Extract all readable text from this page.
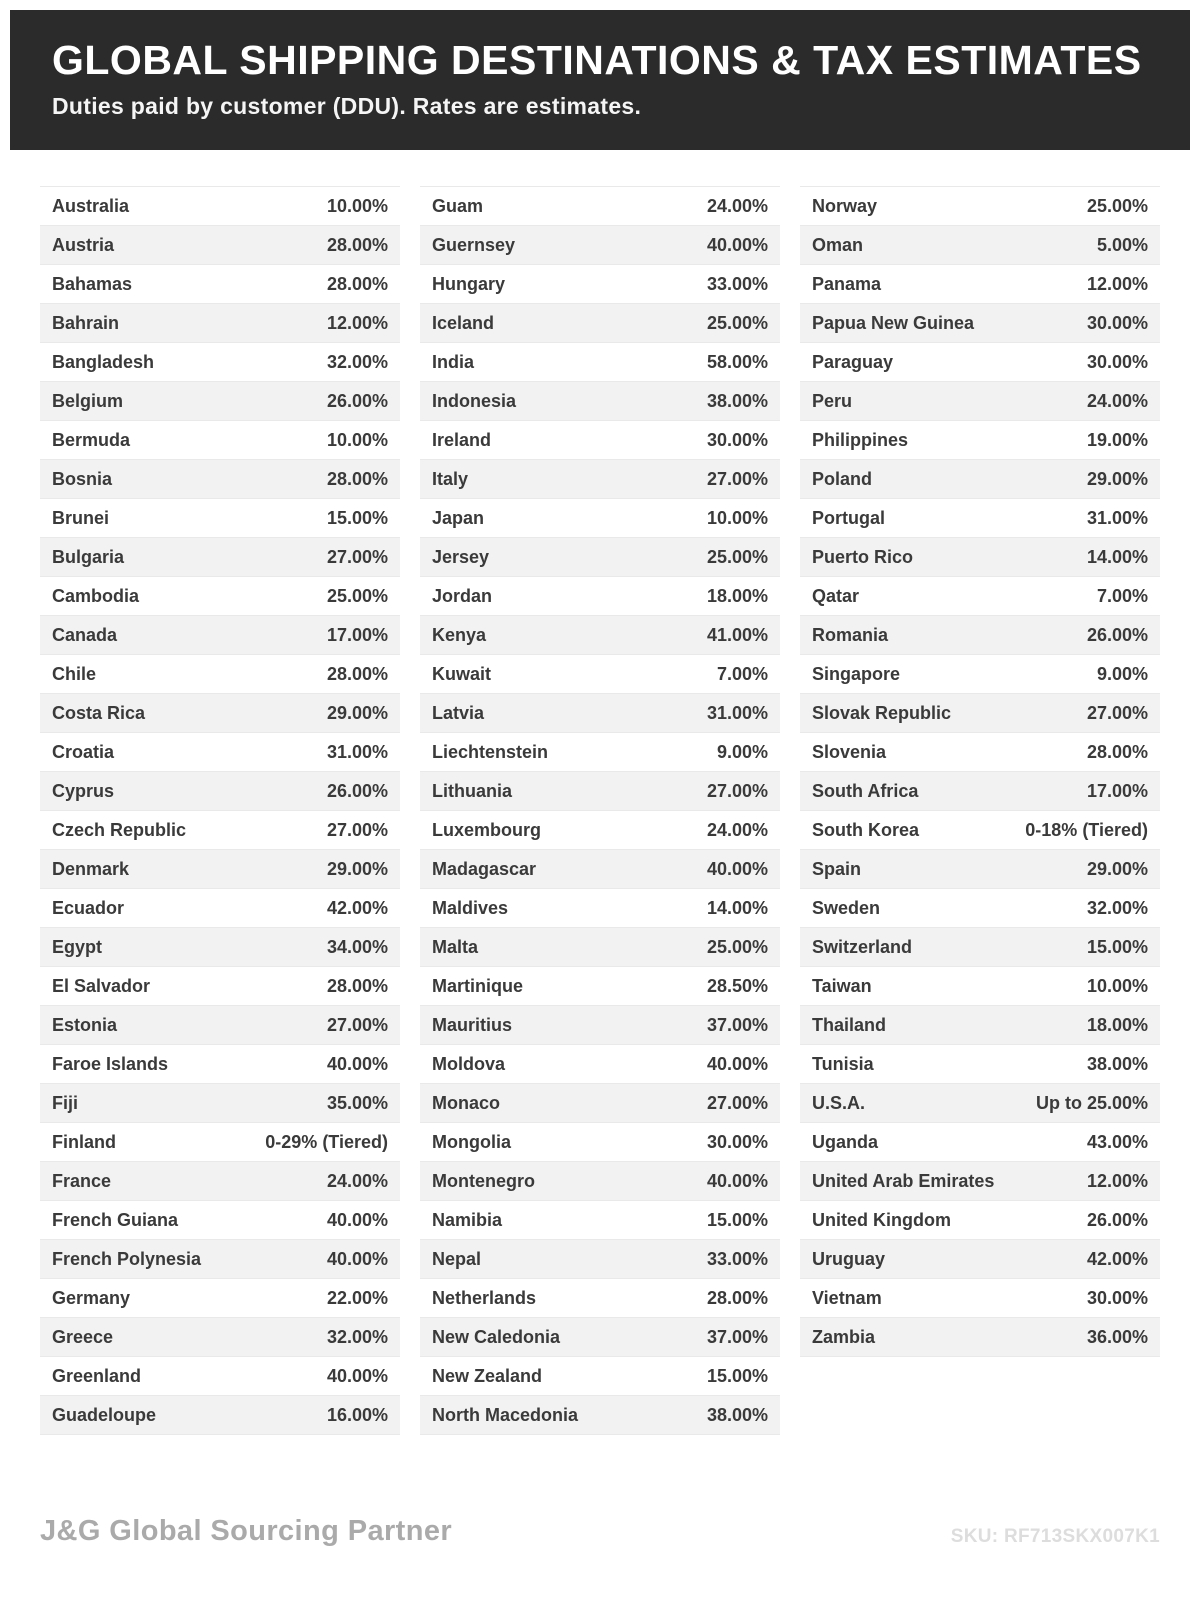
GLOBAL SHIPPING DESTINATIONS & TAX ESTIMATES
Duties paid by customer (DDU). Rates are estimates.
Australia	10.00%
Austria	28.00%
Bahamas	28.00%
Bahrain	12.00%
Bangladesh	32.00%
Belgium	26.00%
Bermuda	10.00%
Bosnia	28.00%
Brunei	15.00%
Bulgaria	27.00%
Cambodia	25.00%
Canada	17.00%
Chile	28.00%
Costa Rica	29.00%
Croatia	31.00%
Cyprus	26.00%
Czech Republic	27.00%
Denmark	29.00%
Ecuador	42.00%
Egypt	34.00%
El Salvador	28.00%
Estonia	27.00%
Faroe Islands	40.00%
Fiji	35.00%
Finland	0-29% (Tiered)
France	24.00%
French Guiana	40.00%
French Polynesia	40.00%
Germany	22.00%
Greece	32.00%
Greenland	40.00%
Guadeloupe	16.00%
Guam	24.00%
Guernsey	40.00%
Hungary	33.00%
Iceland	25.00%
India	58.00%
Indonesia	38.00%
Ireland	30.00%
Italy	27.00%
Japan	10.00%
Jersey	25.00%
Jordan	18.00%
Kenya	41.00%
Kuwait	7.00%
Latvia	31.00%
Liechtenstein	9.00%
Lithuania	27.00%
Luxembourg	24.00%
Madagascar	40.00%
Maldives	14.00%
Malta	25.00%
Martinique	28.50%
Mauritius	37.00%
Moldova	40.00%
Monaco	27.00%
Mongolia	30.00%
Montenegro	40.00%
Namibia	15.00%
Nepal	33.00%
Netherlands	28.00%
New Caledonia	37.00%
New Zealand	15.00%
North Macedonia	38.00%
Norway	25.00%
Oman	5.00%
Panama	12.00%
Papua New Guinea	30.00%
Paraguay	30.00%
Peru	24.00%
Philippines	19.00%
Poland	29.00%
Portugal	31.00%
Puerto Rico	14.00%
Qatar	7.00%
Romania	26.00%
Singapore	9.00%
Slovak Republic	27.00%
Slovenia	28.00%
South Africa	17.00%
South Korea	0-18% (Tiered)
Spain	29.00%
Sweden	32.00%
Switzerland	15.00%
Taiwan	10.00%
Thailand	18.00%
Tunisia	38.00%
U.S.A.	Up to 25.00%
Uganda	43.00%
United Arab Emirates	12.00%
United Kingdom	26.00%
Uruguay	42.00%
Vietnam	30.00%
Zambia	36.00%
J&G Global Sourcing Partner	SKU: RF713SKX007K1
